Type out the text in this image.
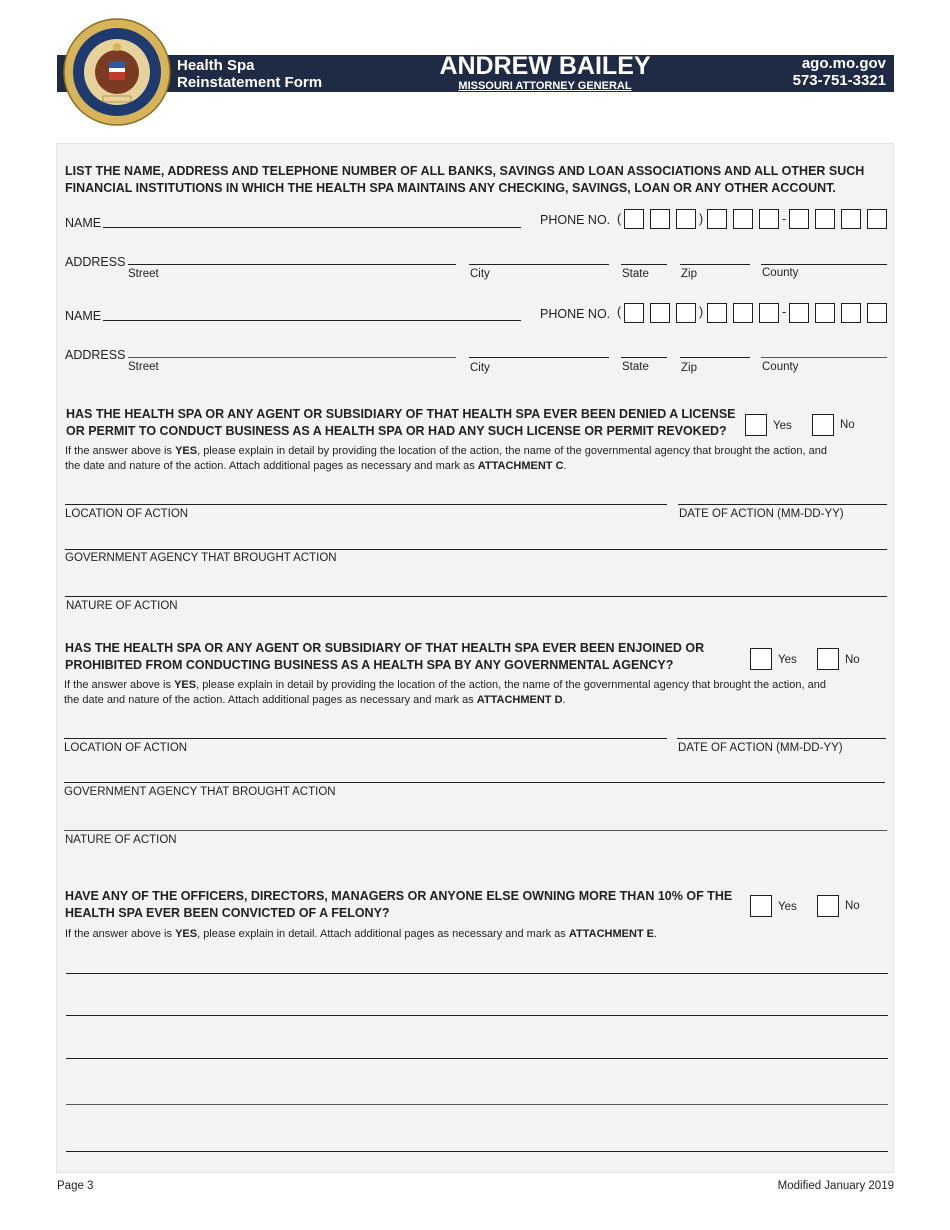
Health Spa
Reinstatement Form
ANDREW BAILEY
MISSOURI ATTORNEY GENERAL
ago.mo.gov
573-751-3321
LIST THE NAME, ADDRESS AND TELEPHONE NUMBER OF ALL BANKS, SAVINGS AND LOAN ASSOCIATIONS AND ALL OTHER SUCH
FINANCIAL INSTITUTIONS IN WHICH THE HEALTH SPA MAINTAINS ANY CHECKING, SAVINGS, LOAN OR ANY OTHER ACCOUNT.
NAME	PHONE NO. (	)	-
ADDRESS
Street	City	State	Zip	County
NAME	PHONE NO. (	)	-
ADDRESS
Street	City	State	Zip	County
HAS THE HEALTH SPA OR ANY AGENT OR SUBSIDIARY OF THAT HEALTH SPA EVER BEEN DENIED A LICENSE
OR PERMIT TO CONDUCT BUSINESS AS A HEALTH SPA OR HAD ANY SUCH LICENSE OR PERMIT REVOKED?	Yes	No
If the answer above is YES, please explain in detail by providing the location of the action, the name of the governmental agency that brought the action, and
the date and nature of the action. Attach additional pages as necessary and mark as ATTACHMENT C.
LOCATION OF ACTION	DATE OF ACTION (MM-DD-YY)
GOVERNMENT AGENCY THAT BROUGHT ACTION
NATURE OF ACTION
HAS THE HEALTH SPA OR ANY AGENT OR SUBSIDIARY OF THAT HEALTH SPA EVER BEEN ENJOINED OR
PROHIBITED FROM CONDUCTING BUSINESS AS A HEALTH SPA BY ANY GOVERNMENTAL AGENCY?	Yes	No
If the answer above is YES, please explain in detail by providing the location of the action, the name of the governmental agency that brought the action, and
the date and nature of the action. Attach additional pages as necessary and mark as ATTACHMENT D.
LOCATION OF ACTION	DATE OF ACTION (MM-DD-YY)
GOVERNMENT AGENCY THAT BROUGHT ACTION
NATURE OF ACTION
HAVE ANY OF THE OFFICERS, DIRECTORS, MANAGERS OR ANYONE ELSE OWNING MORE THAN 10% OF THE
HEALTH SPA EVER BEEN CONVICTED OF A FELONY?	Yes	No
If the answer above is YES, please explain in detail. Attach additional pages as necessary and mark as ATTACHMENT E.
Page 3	Modified January 2019
